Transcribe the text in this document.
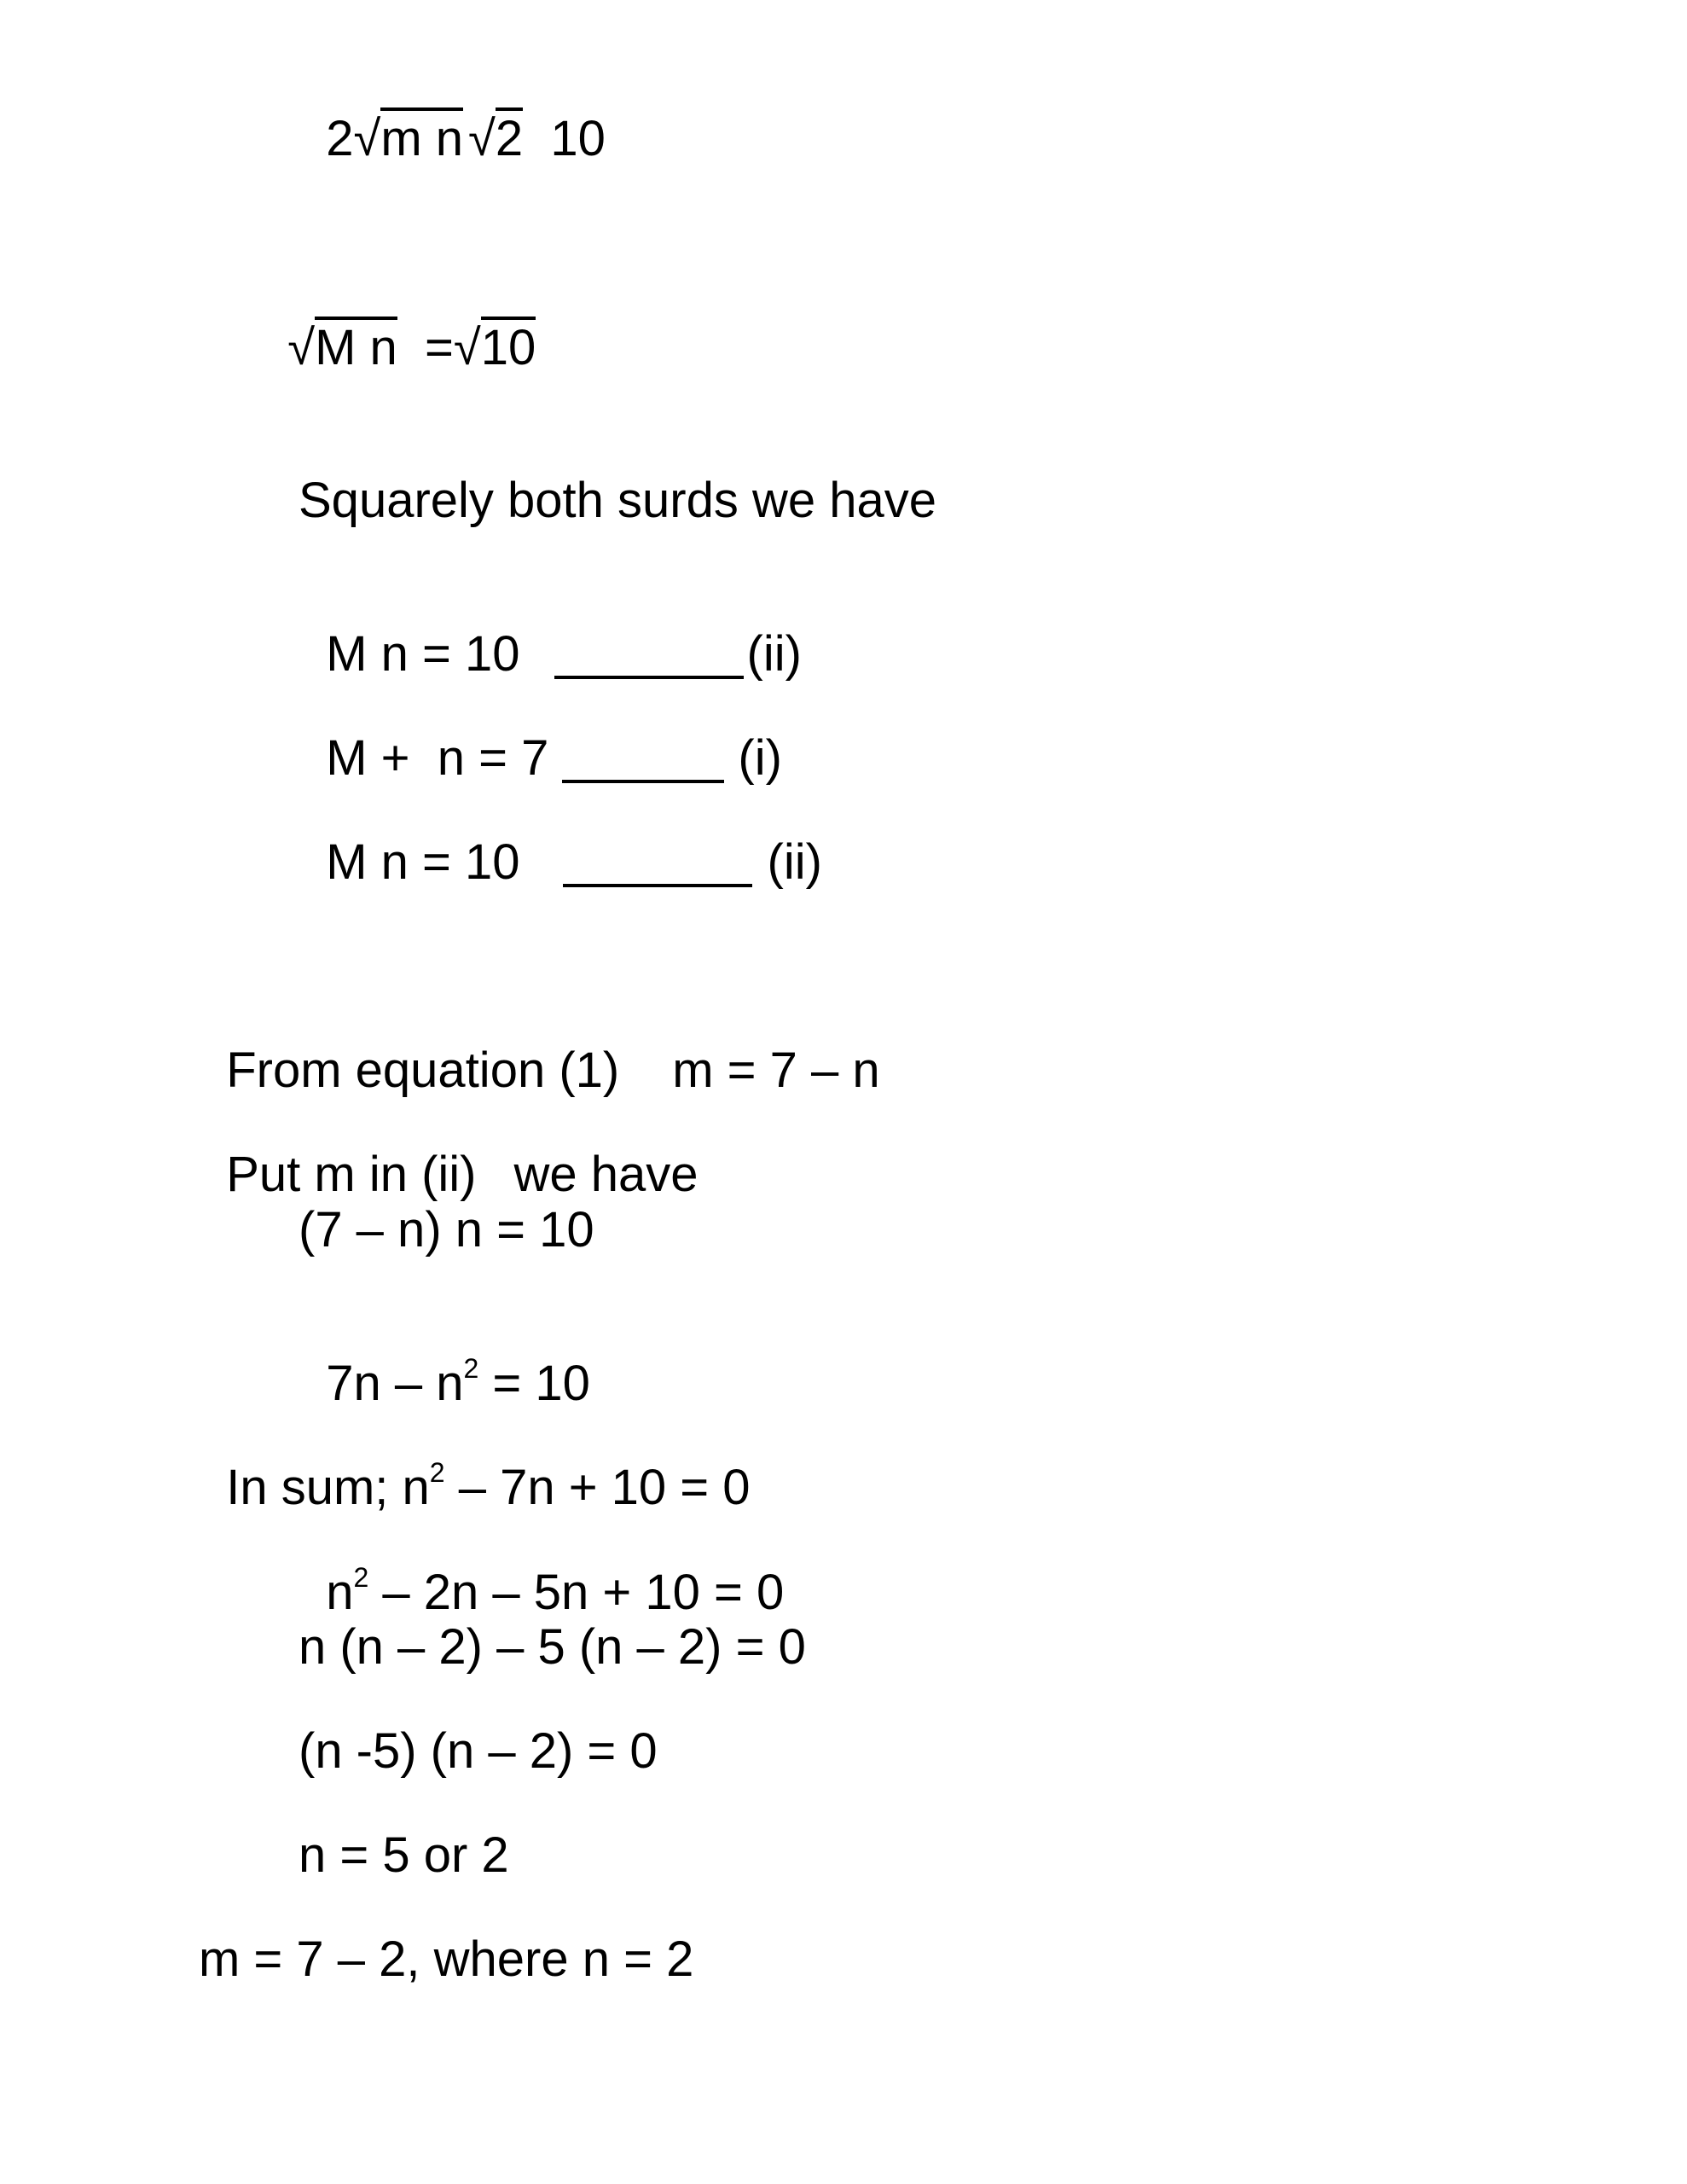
2√m n √2  10

√M n  =√10

Squarely both surds we have

M n = 10	(ii)

M +  n = 7	(i)

M n = 10	(ii)

From equation (1) m = 7 – n

Put m in (ii) we have

(7 – n) n = 10

$7n - n^2 = 10$

In sum; $n^2 - 7n + 10 = 0$

$n^2 - 2n - 5n + 10 = 0$

n (n – 2) – 5 (n – 2) = 0
(n -5) (n – 2) = 0
n = 5 or 2
m = 7 – 2, where n = 2
